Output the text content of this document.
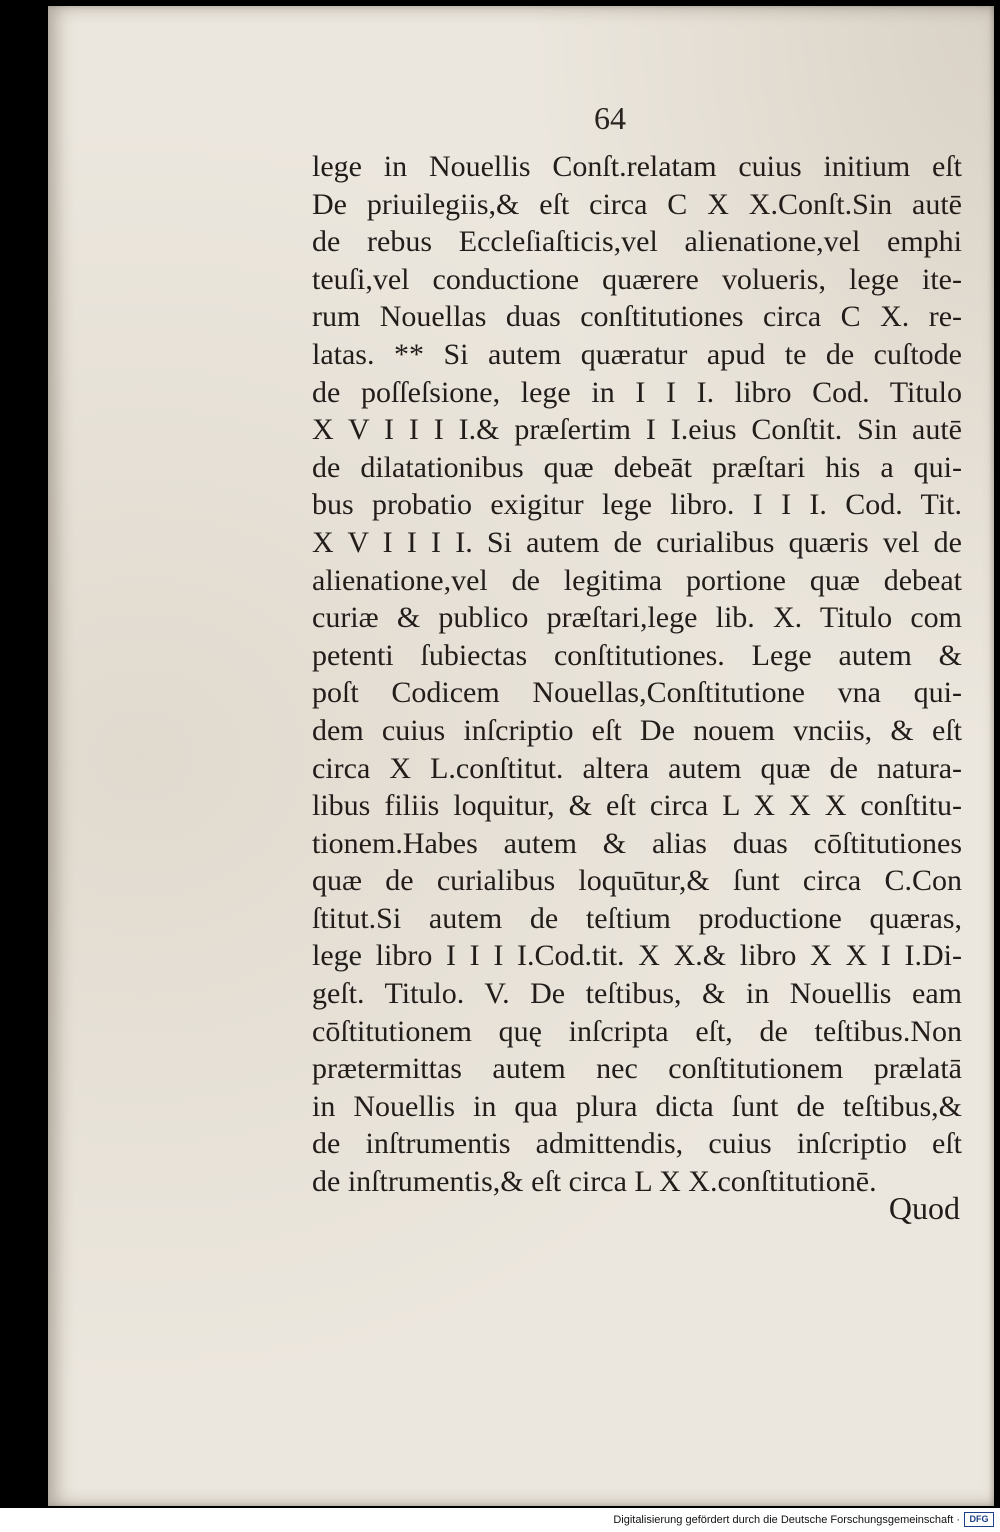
64

lege in Nouellis Conſt.relatam cuius initium eſt
De priuilegiis,& eſt circa C X X.Conſt.Sin autē
de rebus Eccleſiaſticis,vel alienatione,vel emphi
teuſi,vel conductione quærere volueris, lege ite-
rum Nouellas duas conſtitutiones circa C X. re-
latas. ** Si autem quæratur apud te de cuſtode
de poſſeſsione, lege in I I I. libro Cod. Titulo
X V I I I I.& præſertim I I.eius Conſtit. Sin autē
de dilatationibus quæ debeāt præſtari his a qui-
bus probatio exigitur lege libro. I I I. Cod. Tit.
X V I I I I. Si autem de curialibus quæris vel de
alienatione,vel de legitima portione quæ debeat
curiæ & publico præſtari,lege lib. X. Titulo com
petenti ſubiectas conſtitutiones. Lege autem &
poſt Codicem Nouellas,Conſtitutione vna qui-
dem cuius inſcriptio eſt De nouem vnciis, & eſt
circa X L.conſtitut. altera autem quæ de natura-
libus filiis loquitur, & eſt circa L X X X conſtitu-
tionem.Habes autem & alias duas cōſtitutiones
quæ de curialibus loquūtur,& ſunt circa C.Con
ſtitut.Si autem de teſtium productione quæras,
lege libro I I I I.Cod.tit. X X.& libro X X I I.Di-
geſt. Titulo. V. De teſtibus, & in Nouellis eam
cōſtitutionem quę inſcripta eſt, de teſtibus.Non
prætermittas autem nec conſtitutionem prælatā
in Nouellis in qua plura dicta ſunt de teſtibus,&
de inſtrumentis admittendis, cuius inſcriptio eſt
de inſtrumentis,& eſt circa L X X.conſtitutionē.

Quod

Digitalisierung gefördert durch die Deutsche Forschungsgemeinschaft ·	DFG
